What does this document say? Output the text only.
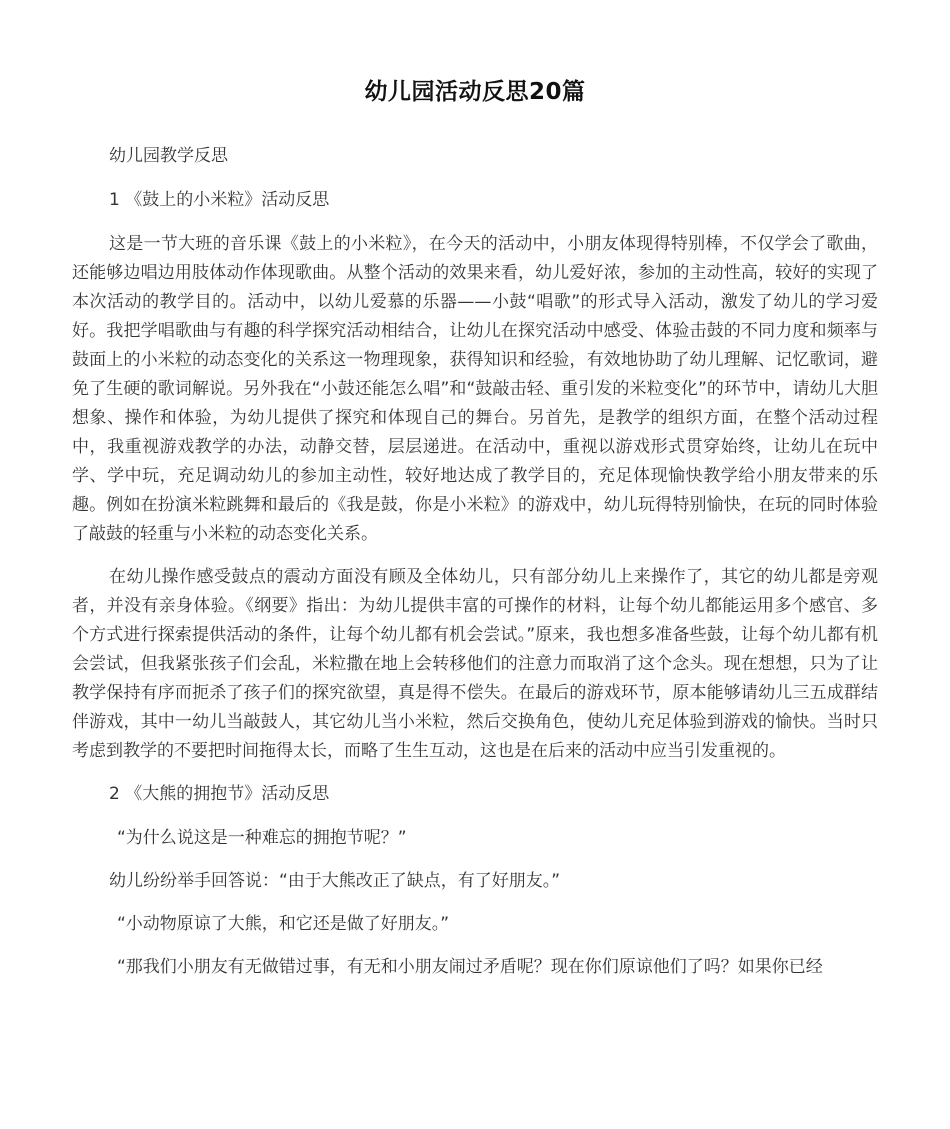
幼儿园活动反思20篇

幼儿园教学反思

1 《鼓上的小米粒》活动反思

这是一节大班的音乐课《鼓上的小米粒》，在今天的活动中，小朋友体现得特别棒，不仅学会了歌曲，还能够边唱边用肢体动作体现歌曲。从整个活动的效果来看，幼儿爱好浓，参加的主动性高，较好的实现了本次活动的教学目的。活动中，以幼儿爱慕的乐器——小鼓“唱歌”的形式导入活动，激发了幼儿的学习爱好。我把学唱歌曲与有趣的科学探究活动相结合，让幼儿在探究活动中感受、体验击鼓的不同力度和频率与鼓面上的小米粒的动态变化的关系这一物理现象，获得知识和经验，有效地协助了幼儿理解、记忆歌词，避免了生硬的歌词解说。另外我在“小鼓还能怎么唱”和“鼓敲击轻、重引发的米粒变化”的环节中，请幼儿大胆想象、操作和体验，为幼儿提供了探究和体现自己的舞台。另首先，是教学的组织方面，在整个活动过程中，我重视游戏教学的办法，动静交替，层层递进。在活动中，重视以游戏形式贯穿始终，让幼儿在玩中学、学中玩，充足调动幼儿的参加主动性，较好地达成了教学目的，充足体现愉快教学给小朋友带来的乐趣。例如在扮演米粒跳舞和最后的《我是鼓，你是小米粒》的游戏中，幼儿玩得特别愉快，在玩的同时体验了敲鼓的轻重与小米粒的动态变化关系。

在幼儿操作感受鼓点的震动方面没有顾及全体幼儿，只有部分幼儿上来操作了，其它的幼儿都是旁观者，并没有亲身体验。《纲要》指出：为幼儿提供丰富的可操作的材料，让每个幼儿都能运用多个感官、多个方式进行探索提供活动的条件，让每个幼儿都有机会尝试。”原来，我也想多准备些鼓，让每个幼儿都有机会尝试，但我紧张孩子们会乱，米粒撒在地上会转移他们的注意力而取消了这个念头。现在想想，只为了让教学保持有序而扼杀了孩子们的探究欲望，真是得不偿失。在最后的游戏环节，原本能够请幼儿三五成群结伴游戏，其中一幼儿当敲鼓人，其它幼儿当小米粒，然后交换角色，使幼儿充足体验到游戏的愉快。当时只考虑到教学的不要把时间拖得太长，而略了生生互动，这也是在后来的活动中应当引发重视的。

2 《大熊的拥抱节》活动反思

“为什么说这是一种难忘的拥抱节呢？”

幼儿纷纷举手回答说：“由于大熊改正了缺点，有了好朋友。”

“小动物原谅了大熊，和它还是做了好朋友。”

“那我们小朋友有无做错过事，有无和小朋友闹过矛盾呢？现在你们原谅他们了吗？如果你已经
